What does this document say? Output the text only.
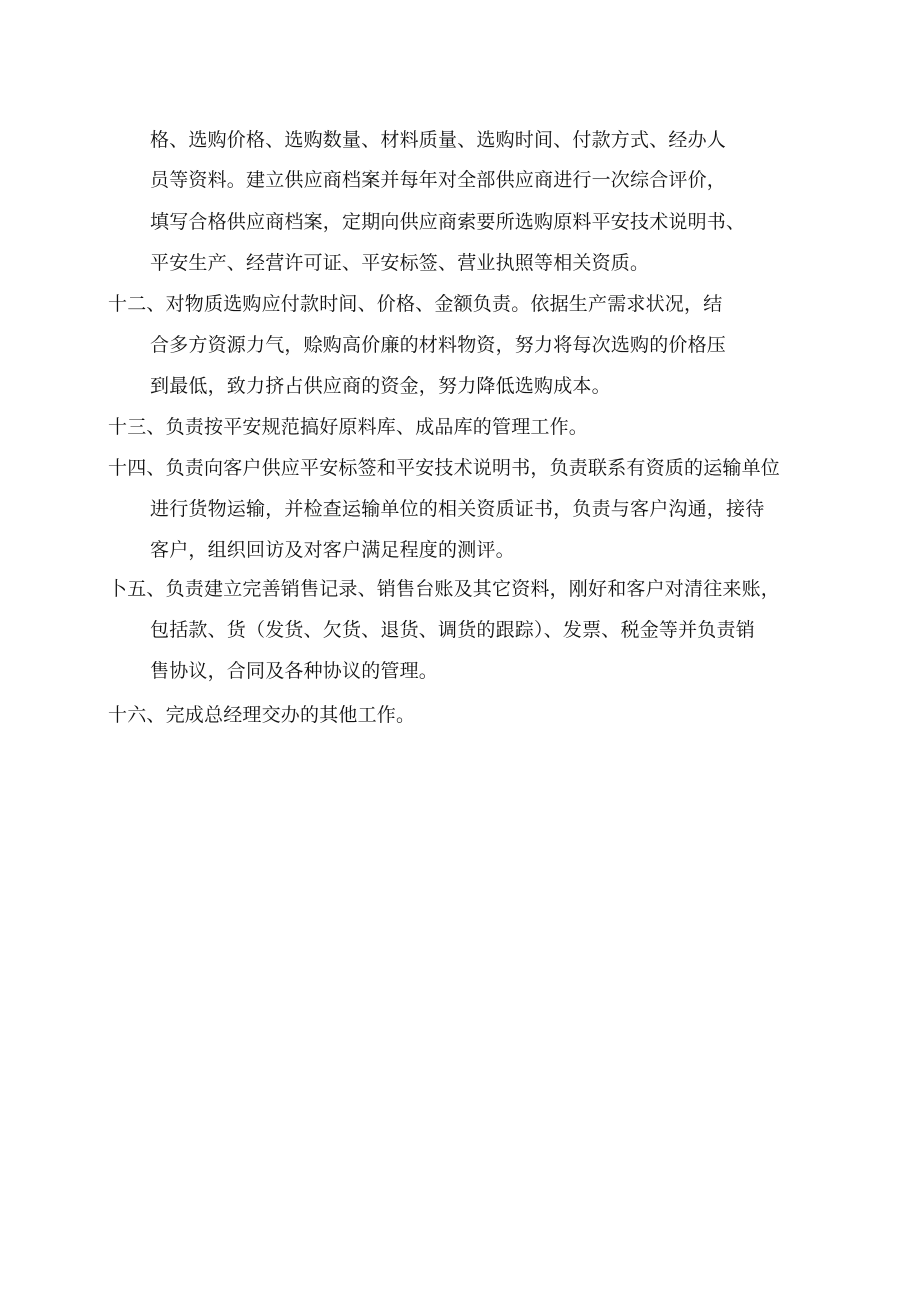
格、选购价格、选购数量、材料质量、选购时间、付款方式、经办人
员等资料。建立供应商档案并每年对全部供应商进行一次综合评价，
填写合格供应商档案，定期向供应商索要所选购原料平安技术说明书、
平安生产、经营许可证、平安标签、营业执照等相关资质。
十二、对物质选购应付款时间、价格、金额负责。依据生产需求状况，结
合多方资源力气，赊购高价廉的材料物资，努力将每次选购的价格压
到最低，致力挤占供应商的资金，努力降低选购成本。
十三、负责按平安规范搞好原料库、成品库的管理工作。
十四、负责向客户供应平安标签和平安技术说明书，负责联系有资质的运输单位
进行货物运输，并检查运输单位的相关资质证书，负责与客户沟通，接待
客户，组织回访及对客户满足程度的测评。
卜五、负责建立完善销售记录、销售台账及其它资料，刚好和客户对清往来账，
包括款、货（发货、欠货、退货、调货的跟踪）、发票、税金等并负责销
售协议，合同及各种协议的管理。
十六、完成总经理交办的其他工作。
